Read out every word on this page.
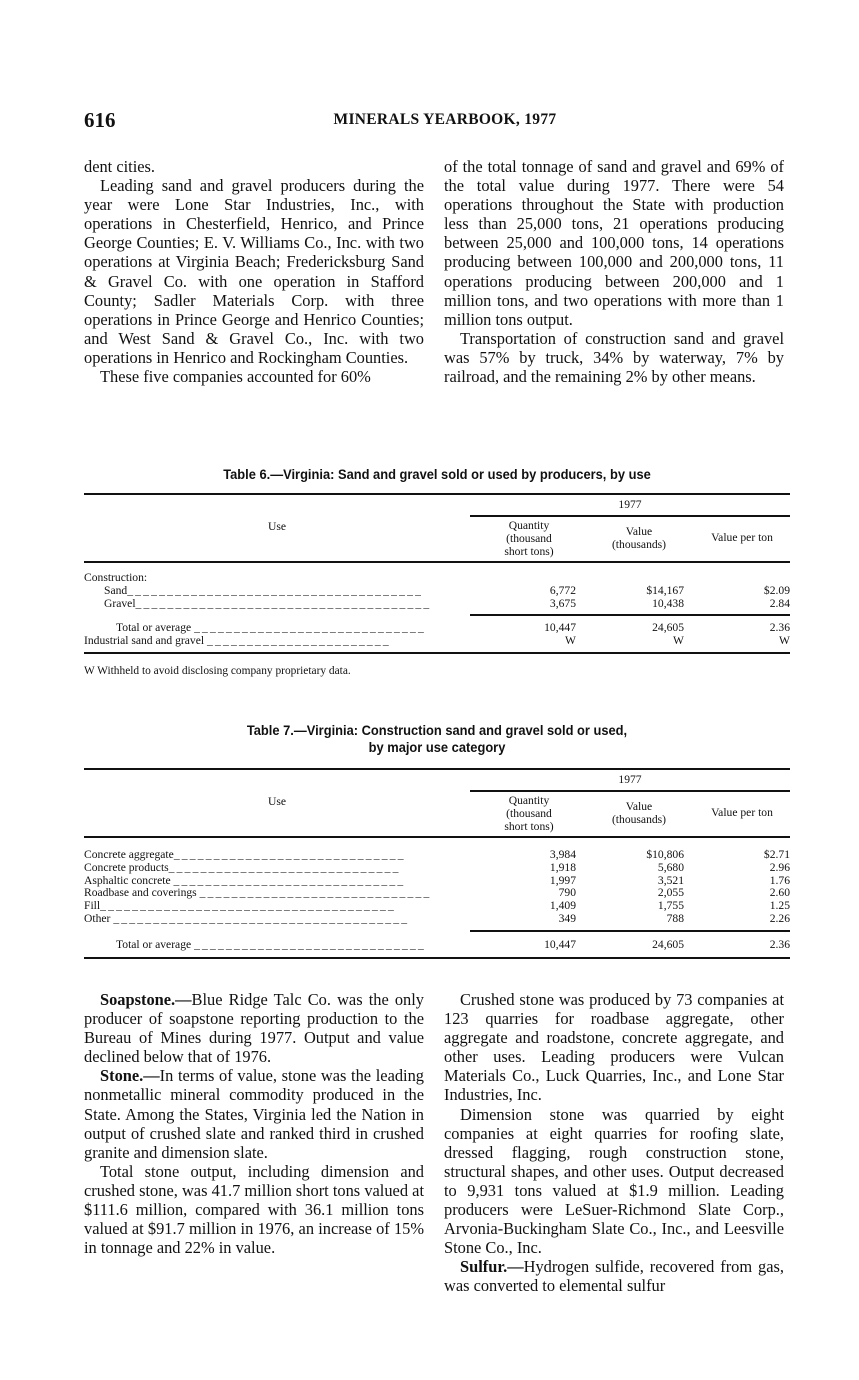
616	MINERALS YEARBOOK, 1977

dent cities.

Leading sand and gravel producers during the year were Lone Star Industries, Inc., with operations in Chesterfield, Henrico, and Prince George Counties; E. V. Williams Co., Inc. with two operations at Virginia Beach; Fredericksburg Sand & Gravel Co. with one operation in Stafford County; Sadler Materials Corp. with three operations in Prince George and Henrico Counties; and West Sand & Gravel Co., Inc. with two operations in Henrico and Rockingham Counties.

These five companies accounted for 60%

of the total tonnage of sand and gravel and 69% of the total value during 1977. There were 54 operations throughout the State with production less than 25,000 tons, 21 operations producing between 25,000 and 100,000 tons, 14 operations producing between 100,000 and 200,000 tons, 11 operations producing between 200,000 and 1 million tons, and two operations with more than 1 million tons output.

Transportation of construction sand and gravel was 57% by truck, 34% by waterway, 7% by railroad, and the remaining 2% by other means.

Table 6.—Virginia: Sand and gravel sold or used by producers, by use
Use
1977
Quantity
(thousand
short tons)
Value
(thousands)
Value per ton
Construction:
Sand_____________________________________	6,772	$14,167	$2.09
Gravel_____________________________________	3,675	10,438	2.84
Total or average _____________________________	10,447	24,605	2.36
Industrial sand and gravel _______________________	W	W	W
W Withheld to avoid disclosing company proprietary data.
Table 7.—Virginia: Construction sand and gravel sold or used,
by major use category
Use
1977
Quantity
(thousand
short tons)
Value
(thousands)
Value per ton
Concrete aggregate_____________________________	3,984	$10,806	$2.71
Concrete products_____________________________	1,918	5,680	2.96
Asphaltic concrete _____________________________	1,997	3,521	1.76
Roadbase and coverings _____________________________	790	2,055	2.60
Fill_____________________________________	1,409	1,755	1.25
Other _____________________________________	349	788	2.26
Total or average _____________________________	10,447	24,605	2.36

Soapstone.—Blue Ridge Talc Co. was the only producer of soapstone reporting production to the Bureau of Mines during 1977. Output and value declined below that of 1976.

Stone.—In terms of value, stone was the leading nonmetallic mineral commodity produced in the State. Among the States, Virginia led the Nation in output of crushed slate and ranked third in crushed granite and dimension slate.

Total stone output, including dimension and crushed stone, was 41.7 million short tons valued at $111.6 million, compared with 36.1 million tons valued at $91.7 million in 1976, an increase of 15% in tonnage and 22% in value.

Crushed stone was produced by 73 companies at 123 quarries for roadbase aggregate, other aggregate and roadstone, concrete aggregate, and other uses. Leading producers were Vulcan Materials Co., Luck Quarries, Inc., and Lone Star Industries, Inc.

Dimension stone was quarried by eight companies at eight quarries for roofing slate, dressed flagging, rough construction stone, structural shapes, and other uses. Output decreased to 9,931 tons valued at $1.9 million. Leading producers were LeSuer-Richmond Slate Corp., Arvonia-Buckingham Slate Co., Inc., and Leesville Stone Co., Inc.

Sulfur.—Hydrogen sulfide, recovered from gas, was converted to elemental sulfur
